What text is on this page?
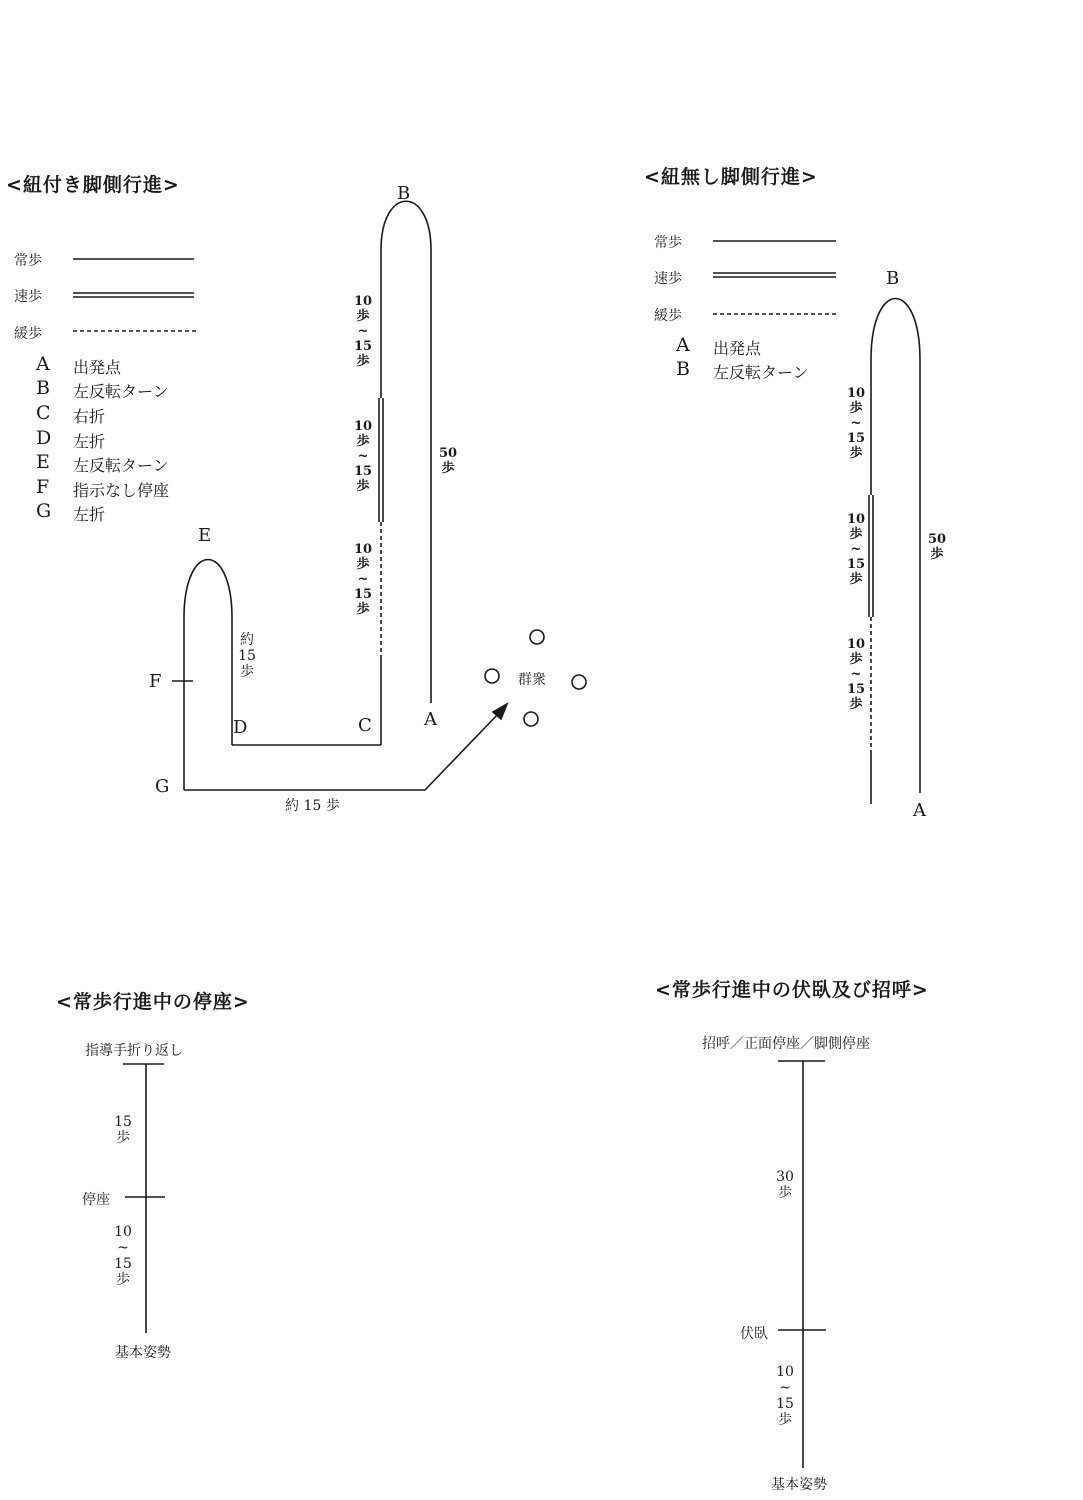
<紐付き脚側行進>
常歩
速歩
緩歩
A 出発点
B 左反転ターン
C 右折
D 左折
E 左反転ターン
F 指示なし停座
G 左折
B
A
C
D
E
F
G
10
歩
~
15
歩
10
歩
~
15
歩
10
歩
~
15
歩
50
歩
約
15
歩
約 15 歩
群衆
<紐無し脚側行進>
常歩
速歩
緩歩
A 出発点
B 左反転ターン
B
A
10
歩
~
15
歩
10
歩
~
15
歩
10
歩
~
15
歩
50
歩
<常歩行進中の停座>
指導手折り返し
停座
基本姿勢
15
歩
10
~
15
歩
<常歩行進中の伏臥及び招呼>
招呼／正面停座／脚側停座
伏臥
基本姿勢
30
歩
10
~
15
歩
